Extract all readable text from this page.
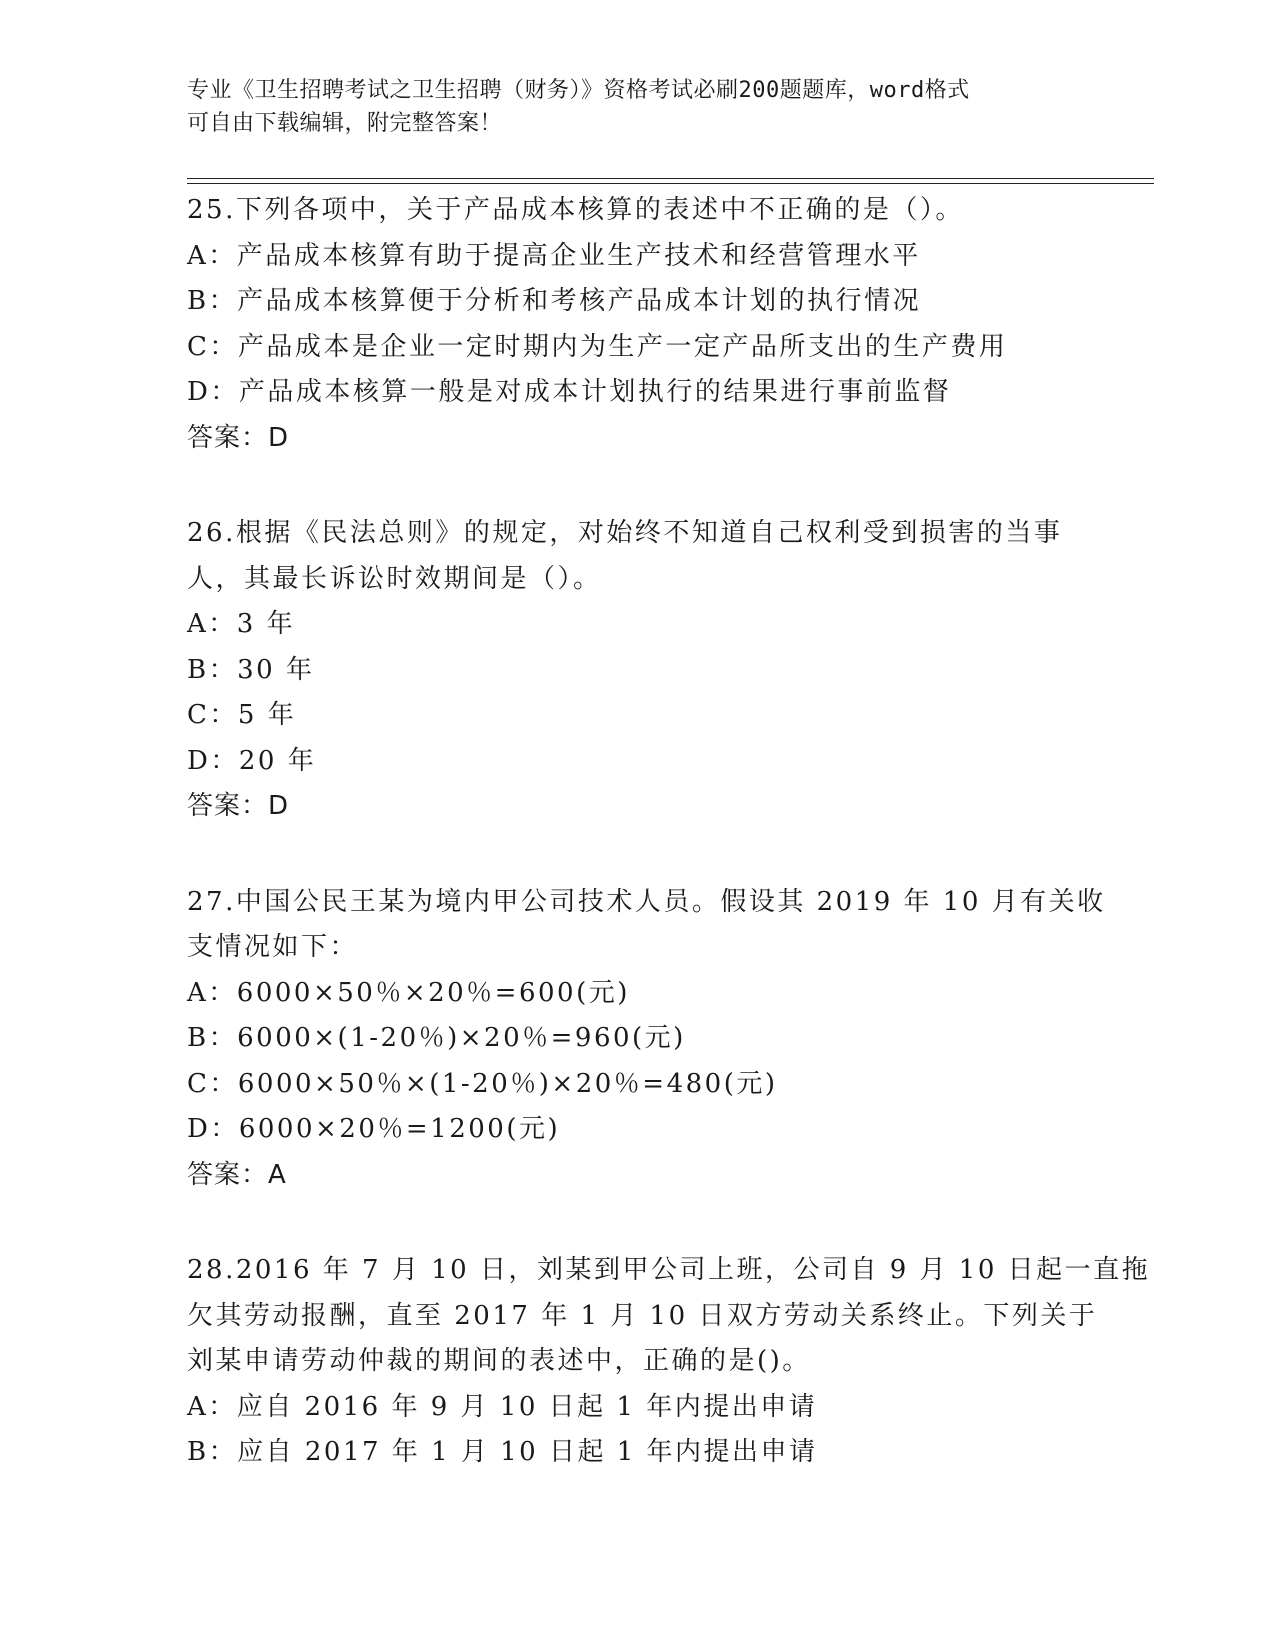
专业《卫生招聘考试之卫生招聘（财务）》资格考试必刷200题题库，word格式
可自由下载编辑，附完整答案！
25.下列各项中，关于产品成本核算的表述中不正确的是（）。
A：产品成本核算有助于提高企业生产技术和经营管理水平
B：产品成本核算便于分析和考核产品成本计划的执行情况
C：产品成本是企业一定时期内为生产一定产品所支出的生产费用
D：产品成本核算一般是对成本计划执行的结果进行事前监督
答案：D
26.根据《民法总则》的规定，对始终不知道自己权利受到损害的当事
人，其最长诉讼时效期间是（）。
A：3 年
B：30 年
C：5 年
D：20 年
答案：D
27.中国公民王某为境内甲公司技术人员。假设其 2019 年 10 月有关收
支情况如下：
A：6000×50％×20％=600(元)
B：6000×(1-20％)×20％=960(元)
C：6000×50％×(1-20％)×20％=480(元)
D：6000×20％=1200(元)
答案：A
28.2016 年 7 月 10 日，刘某到甲公司上班，公司自 9 月 10 日起一直拖
欠其劳动报酬，直至 2017 年 1 月 10 日双方劳动关系终止。下列关于
刘某申请劳动仲裁的期间的表述中，正确的是()。
A：应自 2016 年 9 月 10 日起 1 年内提出申请
B：应自 2017 年 1 月 10 日起 1 年内提出申请
